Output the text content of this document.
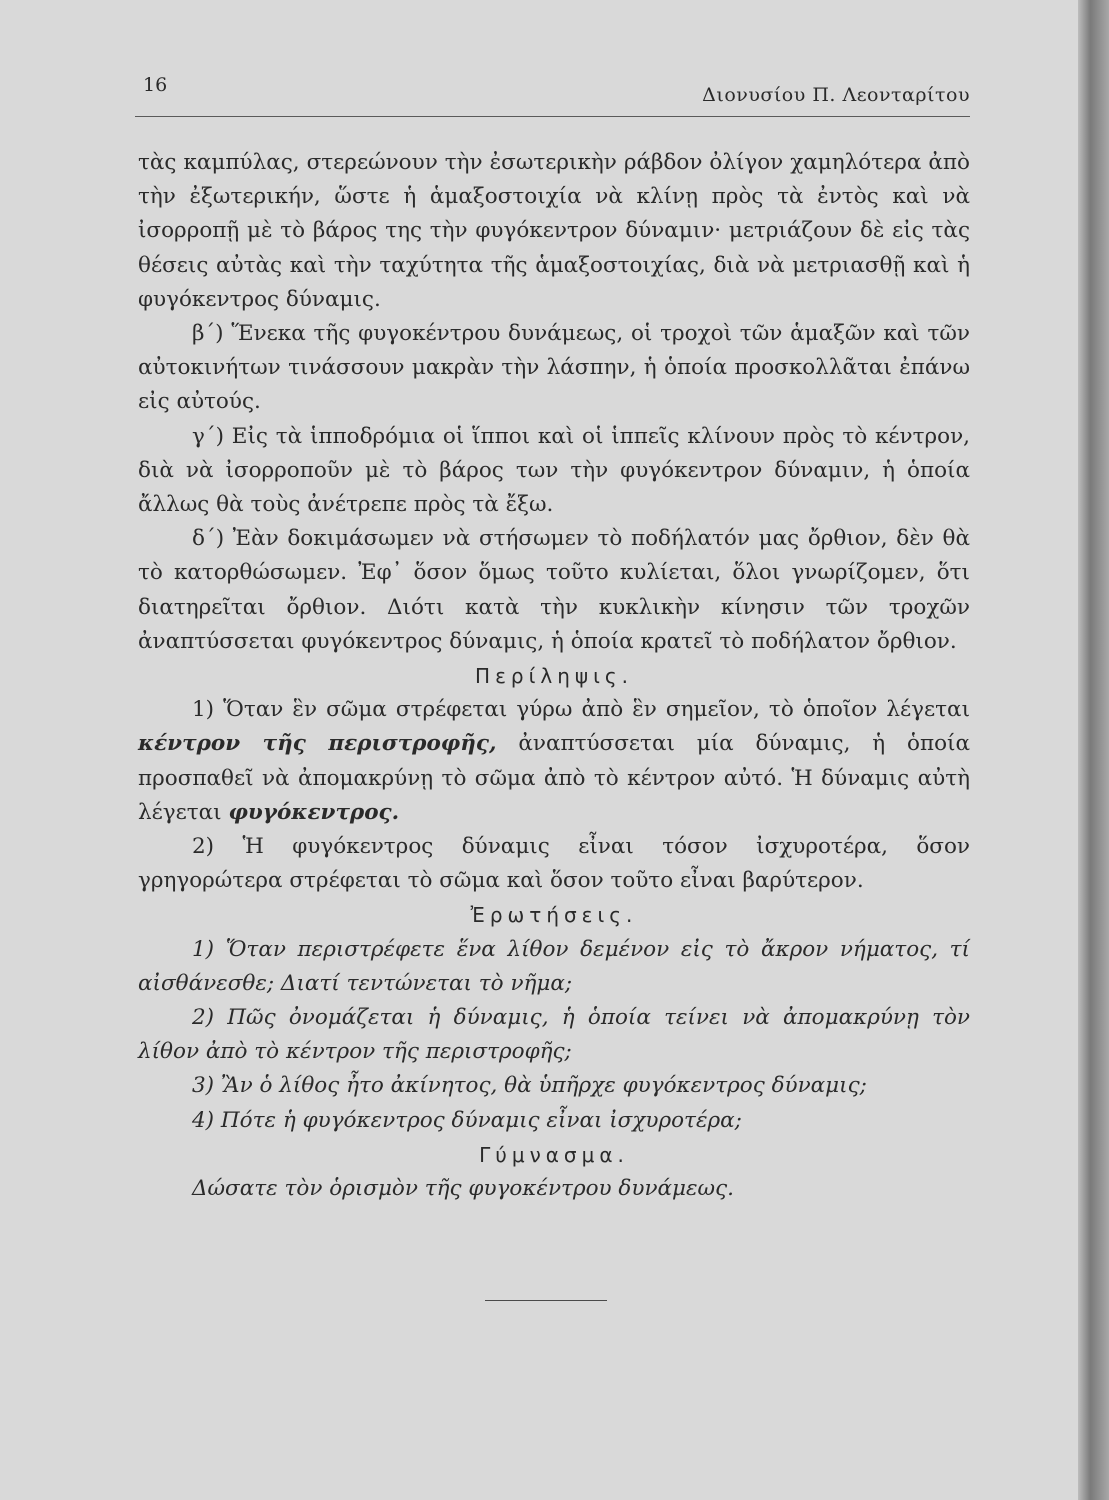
16	Διονυσίου Π. Λεονταρίτου

τὰς καμπύλας, στερεώνουν τὴν ἐσωτερικὴν ράβδον ὀλίγον χαμηλότερα ἀπὸ τὴν ἐξωτερικήν, ὥστε ἡ ἁμαξοστοιχία νὰ κλίνῃ πρὸς τὰ ἐντὸς καὶ νὰ ἰσορροπῇ μὲ τὸ βάρος της τὴν φυγόκεντρον δύναμιν· μετριάζουν δὲ εἰς τὰς θέσεις αὐτὰς καὶ τὴν ταχύτητα τῆς ἁμαξοστοιχίας, διὰ νὰ μετριασθῇ καὶ ἡ φυγόκεντρος δύναμις.

β΄) Ἕνεκα τῆς φυγοκέντρου δυνάμεως, οἱ τροχοὶ τῶν ἁμαξῶν καὶ τῶν αὐτοκινήτων τινάσσουν μακρὰν τὴν λάσπην, ἡ ὁποία προσκολλᾶται ἐπάνω εἰς αὐτούς.

γ΄) Εἰς τὰ ἱπποδρόμια οἱ ἵπποι καὶ οἱ ἱππεῖς κλίνουν πρὸς τὸ κέντρον, διὰ νὰ ἰσορροποῦν μὲ τὸ βάρος των τὴν φυγόκεντρον δύναμιν, ἡ ὁποία ἄλλως θὰ τοὺς ἀνέτρεπε πρὸς τὰ ἔξω.

δ΄) Ἐὰν δοκιμάσωμεν νὰ στήσωμεν τὸ ποδήλατόν μας ὄρθιον, δὲν θὰ τὸ κατορθώσωμεν. Ἐφ᾿ ὅσον ὅμως τοῦτο κυλίεται, ὅλοι γνωρίζομεν, ὅτι διατηρεῖται ὄρθιον. Διότι κατὰ τὴν κυκλικὴν κίνησιν τῶν τροχῶν ἀναπτύσσεται φυγόκεντρος δύναμις, ἡ ὁποία κρατεῖ τὸ ποδήλατον ὄρθιον.

Περίληψις.

1) Ὅταν ἓν σῶμα στρέφεται γύρω ἀπὸ ἓν σημεῖον, τὸ ὁποῖον λέγεται κέντρον τῆς περιστροφῆς, ἀναπτύσσεται μία δύναμις, ἡ ὁποία προσπαθεῖ νὰ ἀπομακρύνῃ τὸ σῶμα ἀπὸ τὸ κέντρον αὐτό. Ἡ δύναμις αὐτὴ λέγεται φυγόκεντρος.

2) Ἡ φυγόκεντρος δύναμις εἶναι τόσον ἰσχυροτέρα, ὅσον γρηγορώτερα στρέφεται τὸ σῶμα καὶ ὅσον τοῦτο εἶναι βαρύτερον.

Ἐρωτήσεις.

1) Ὅταν περιστρέφετε ἕνα λίθον δεμένον εἰς τὸ ἄκρον νήματος, τί αἰσθάνεσθε; Διατί τεντώνεται τὸ νῆμα;

2) Πῶς ὀνομάζεται ἡ δύναμις, ἡ ὁποία τείνει νὰ ἀπομακρύνῃ τὸν λίθον ἀπὸ τὸ κέντρον τῆς περιστροφῆς;

3) Ἂν ὁ λίθος ἦτο ἀκίνητος, θὰ ὑπῆρχε φυγόκεντρος δύναμις;

4) Πότε ἡ φυγόκεντρος δύναμις εἶναι ἰσχυροτέρα;

Γύμνασμα.

Δώσατε τὸν ὁρισμὸν τῆς φυγοκέντρου δυνάμεως.
